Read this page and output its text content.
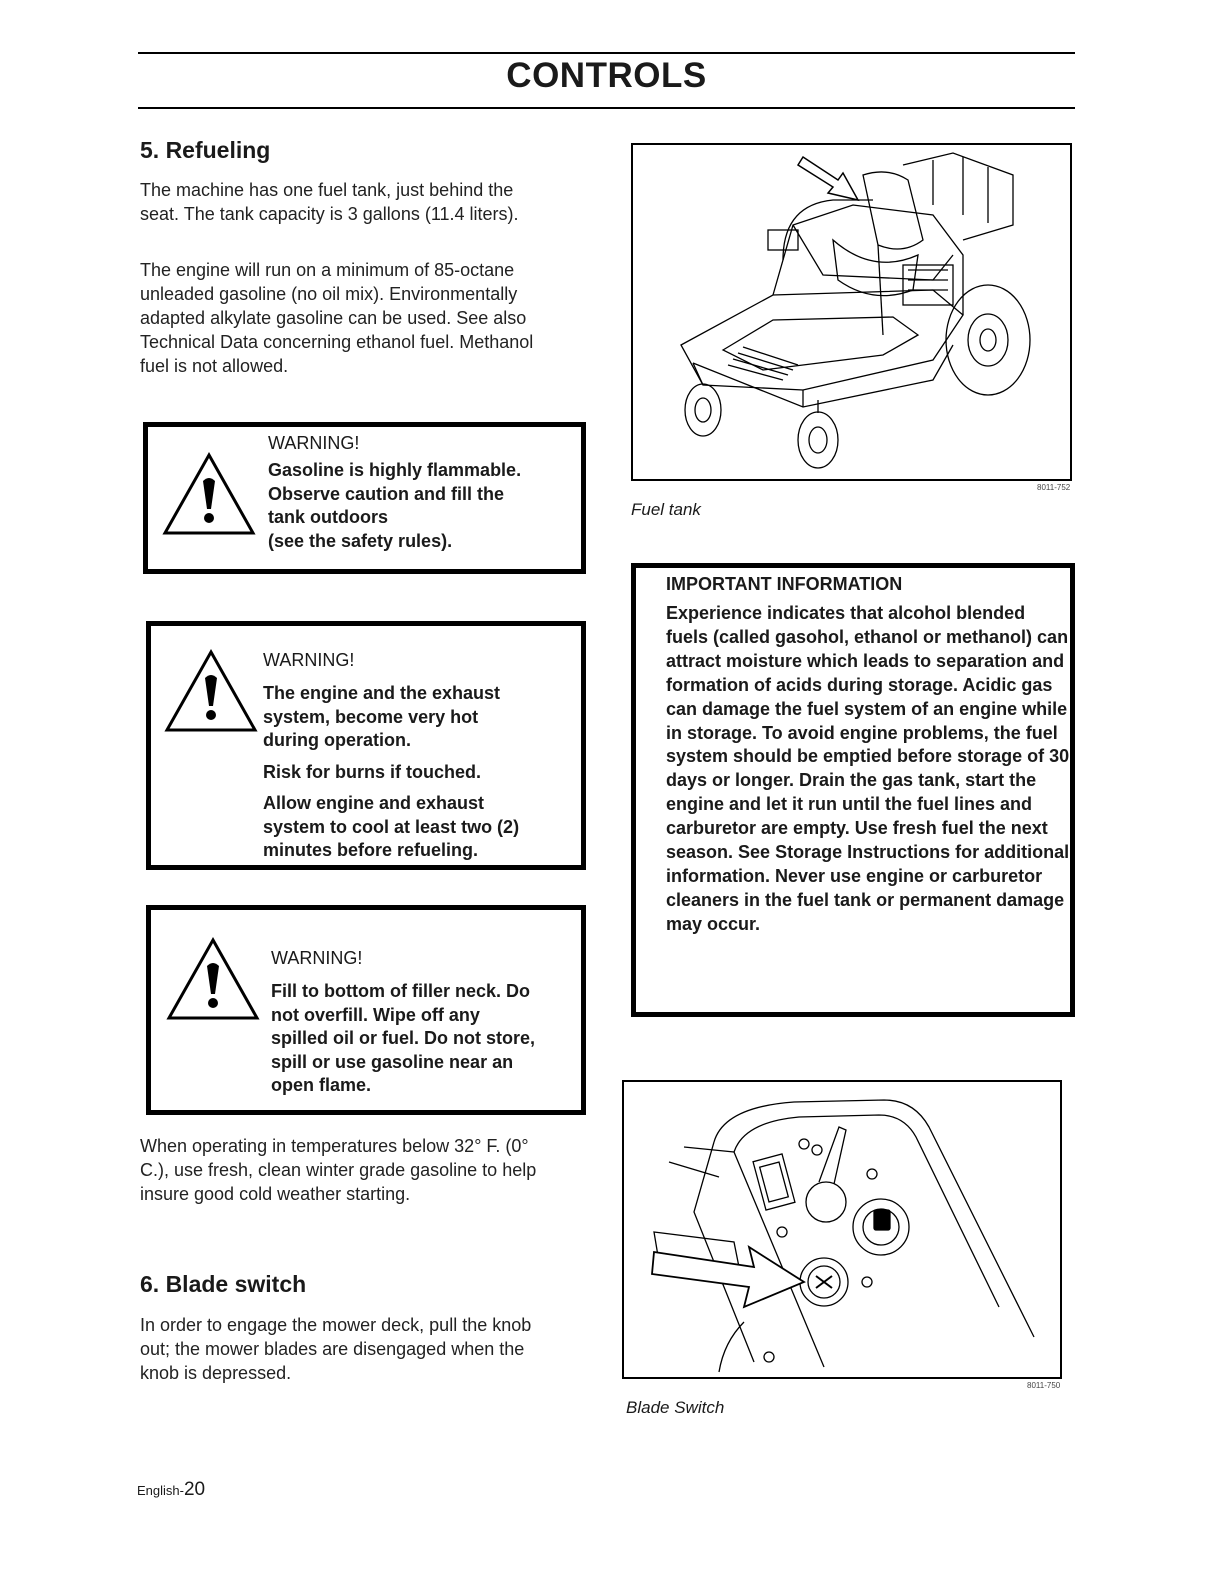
CONTROLS
5. Refueling

The machine has one fuel tank, just behind the seat. The tank capacity is 3 gallons (11.4 liters).

The engine will run on a minimum of 85-octane unleaded gasoline (no oil mix). Environmentally adapted alkylate gasoline can be used. See also Technical Data concerning ethanol fuel. Methanol fuel is not allowed.

WARNING!

Gasoline is highly flammable.
Observe caution and fill the
tank outdoors
(see the safety rules).

WARNING!

The engine and the exhaust
system, become very hot
during operation.
Risk for burns if touched.
Allow engine and exhaust
system to cool at least two (2)
minutes before refueling.

WARNING!

Fill to bottom of filler neck. Do
not overfill. Wipe off any
spilled oil or fuel. Do not store,
spill or use gasoline near an
open flame.

When operating in temperatures below 32° F. (0° C.), use fresh, clean winter grade gasoline to help insure good cold weather starting.

6. Blade switch

In order to engage the mower deck, pull the knob out; the mower blades are disengaged when the knob is depressed.

8011-752

Fuel tank

IMPORTANT INFORMATION

Experience indicates that alcohol blended fuels (called gasohol, ethanol or methanol) can attract moisture which leads to separation and formation of acids during storage. Acidic gas can damage the fuel system of an engine while in storage. To avoid engine problems, the fuel system should be emptied before storage of 30 days or longer. Drain the gas tank, start the engine and let it run until the fuel lines and carburetor are empty. Use fresh fuel the next season. See Storage Instructions for additional information. Never use engine or carburetor cleaners in the fuel tank or permanent damage may occur.

8011-750

Blade Switch

English-20
